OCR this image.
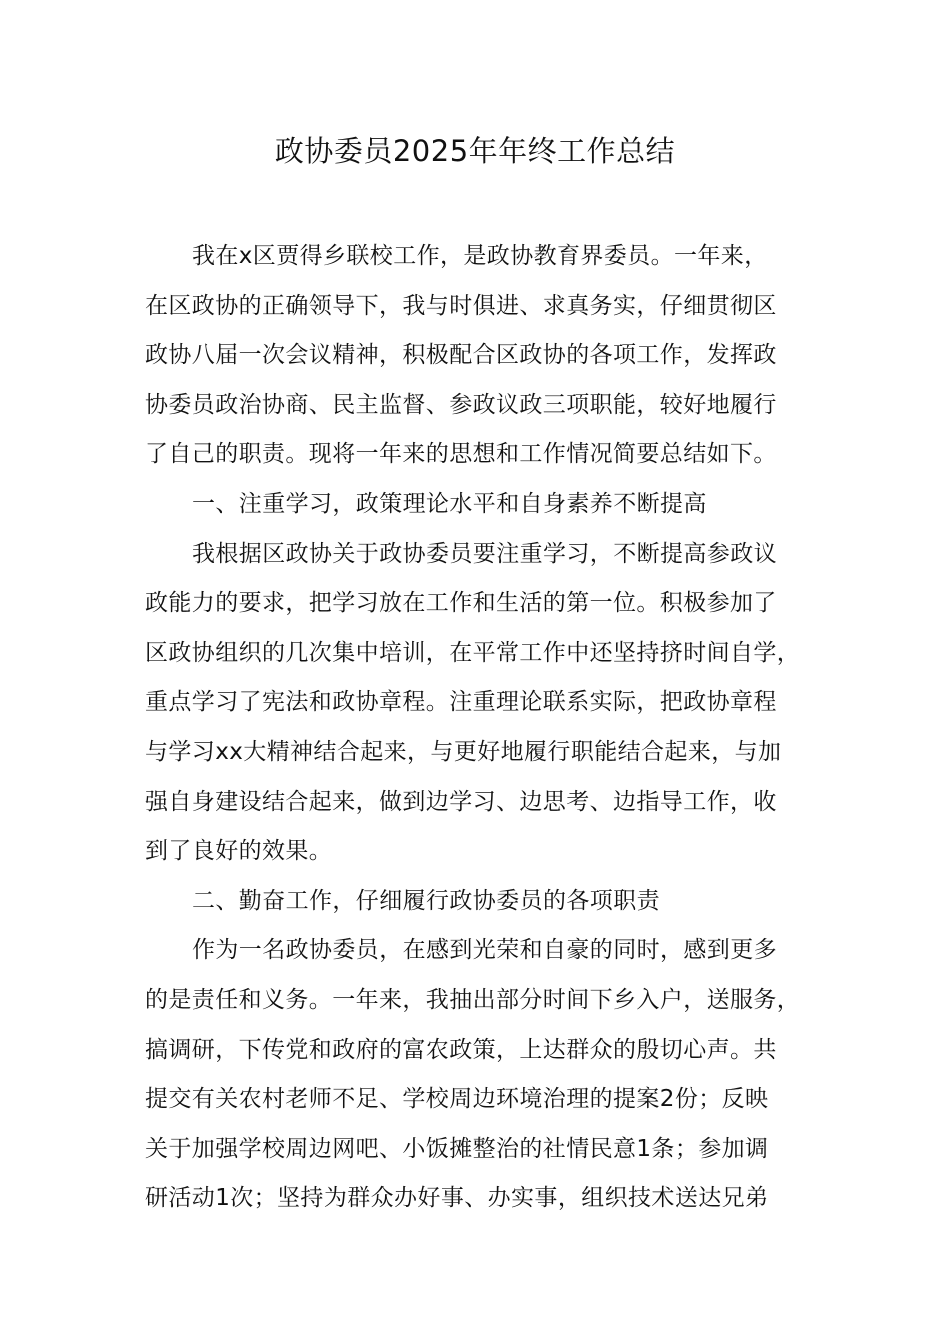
政协委员2025年年终工作总结

我在x区贾得乡联校工作，是政协教育界委员。一年来，
在区政协的正确领导下，我与时俱进、求真务实，仔细贯彻区
政协八届一次会议精神，积极配合区政协的各项工作，发挥政
协委员政治协商、民主监督、参政议政三项职能，较好地履行
了自己的职责。现将一年来的思想和工作情况简要总结如下。

一、注重学习，政策理论水平和自身素养不断提高

我根据区政协关于政协委员要注重学习，不断提高参政议
政能力的要求，把学习放在工作和生活的第一位。积极参加了
区政协组织的几次集中培训，在平常工作中还坚持挤时间自学，
重点学习了宪法和政协章程。注重理论联系实际，把政协章程
与学习xx大精神结合起来，与更好地履行职能结合起来，与加
强自身建设结合起来，做到边学习、边思考、边指导工作，收
到了良好的效果。

二、勤奋工作，仔细履行政协委员的各项职责

作为一名政协委员，在感到光荣和自豪的同时，感到更多
的是责任和义务。一年来，我抽出部分时间下乡入户，送服务，
搞调研，下传党和政府的富农政策，上达群众的殷切心声。共
提交有关农村老师不足、学校周边环境治理的提案2份；反映
关于加强学校周边网吧、小饭摊整治的社情民意1条；参加调
研活动1次；坚持为群众办好事、办实事，组织技术送达兄弟
